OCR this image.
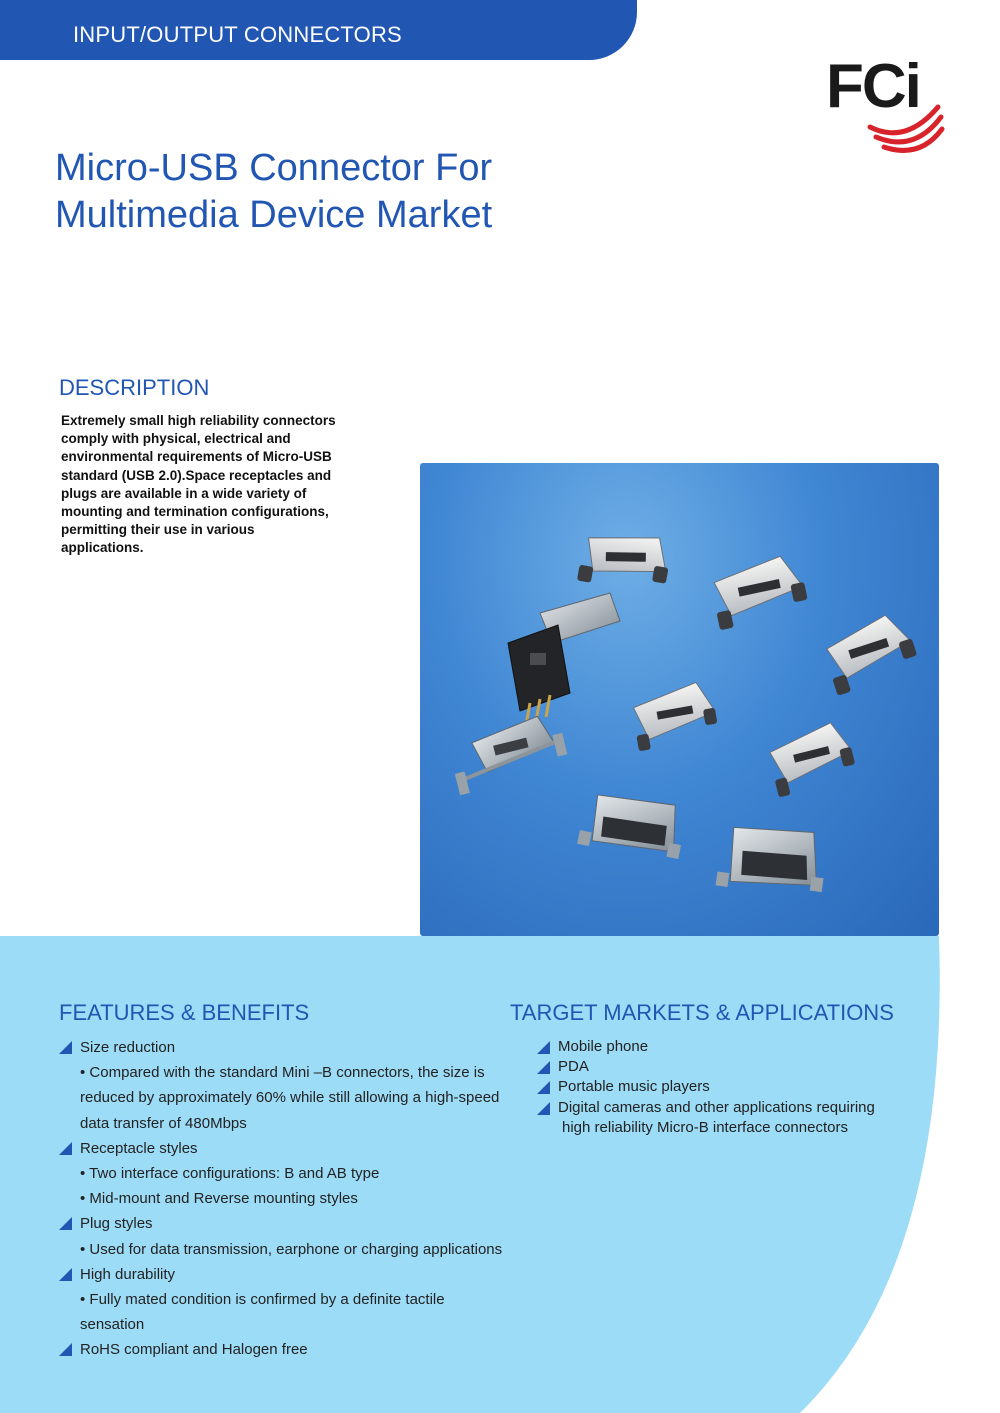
INPUT/OUTPUT CONNECTORS
FCi
Micro-USB Connector For
Multimedia Device Market
DESCRIPTION

Extremely small high reliability connectors
comply with physical, electrical and
environmental requirements of Micro-USB
standard (USB 2.0).Space receptacles and
plugs are available in a wide variety of
mounting and termination configurations,
permitting their use in various applications.

FEATURES & BENEFITS
Size reduction
• Compared with the standard Mini –B connectors, the size is
reduced by approximately 60% while still allowing a high-speed
data transfer of 480Mbps
Receptacle styles
• Two interface configurations: B and AB type
• Mid-mount and Reverse mounting styles
Plug styles
• Used for data transmission, earphone or charging applications
High durability
• Fully mated condition is confirmed by a definite tactile
sensation
RoHS compliant and Halogen free
TARGET MARKETS & APPLICATIONS
Mobile phone
PDA
Portable music players
Digital cameras and other applications requiring
high reliability Micro-B interface connectors
